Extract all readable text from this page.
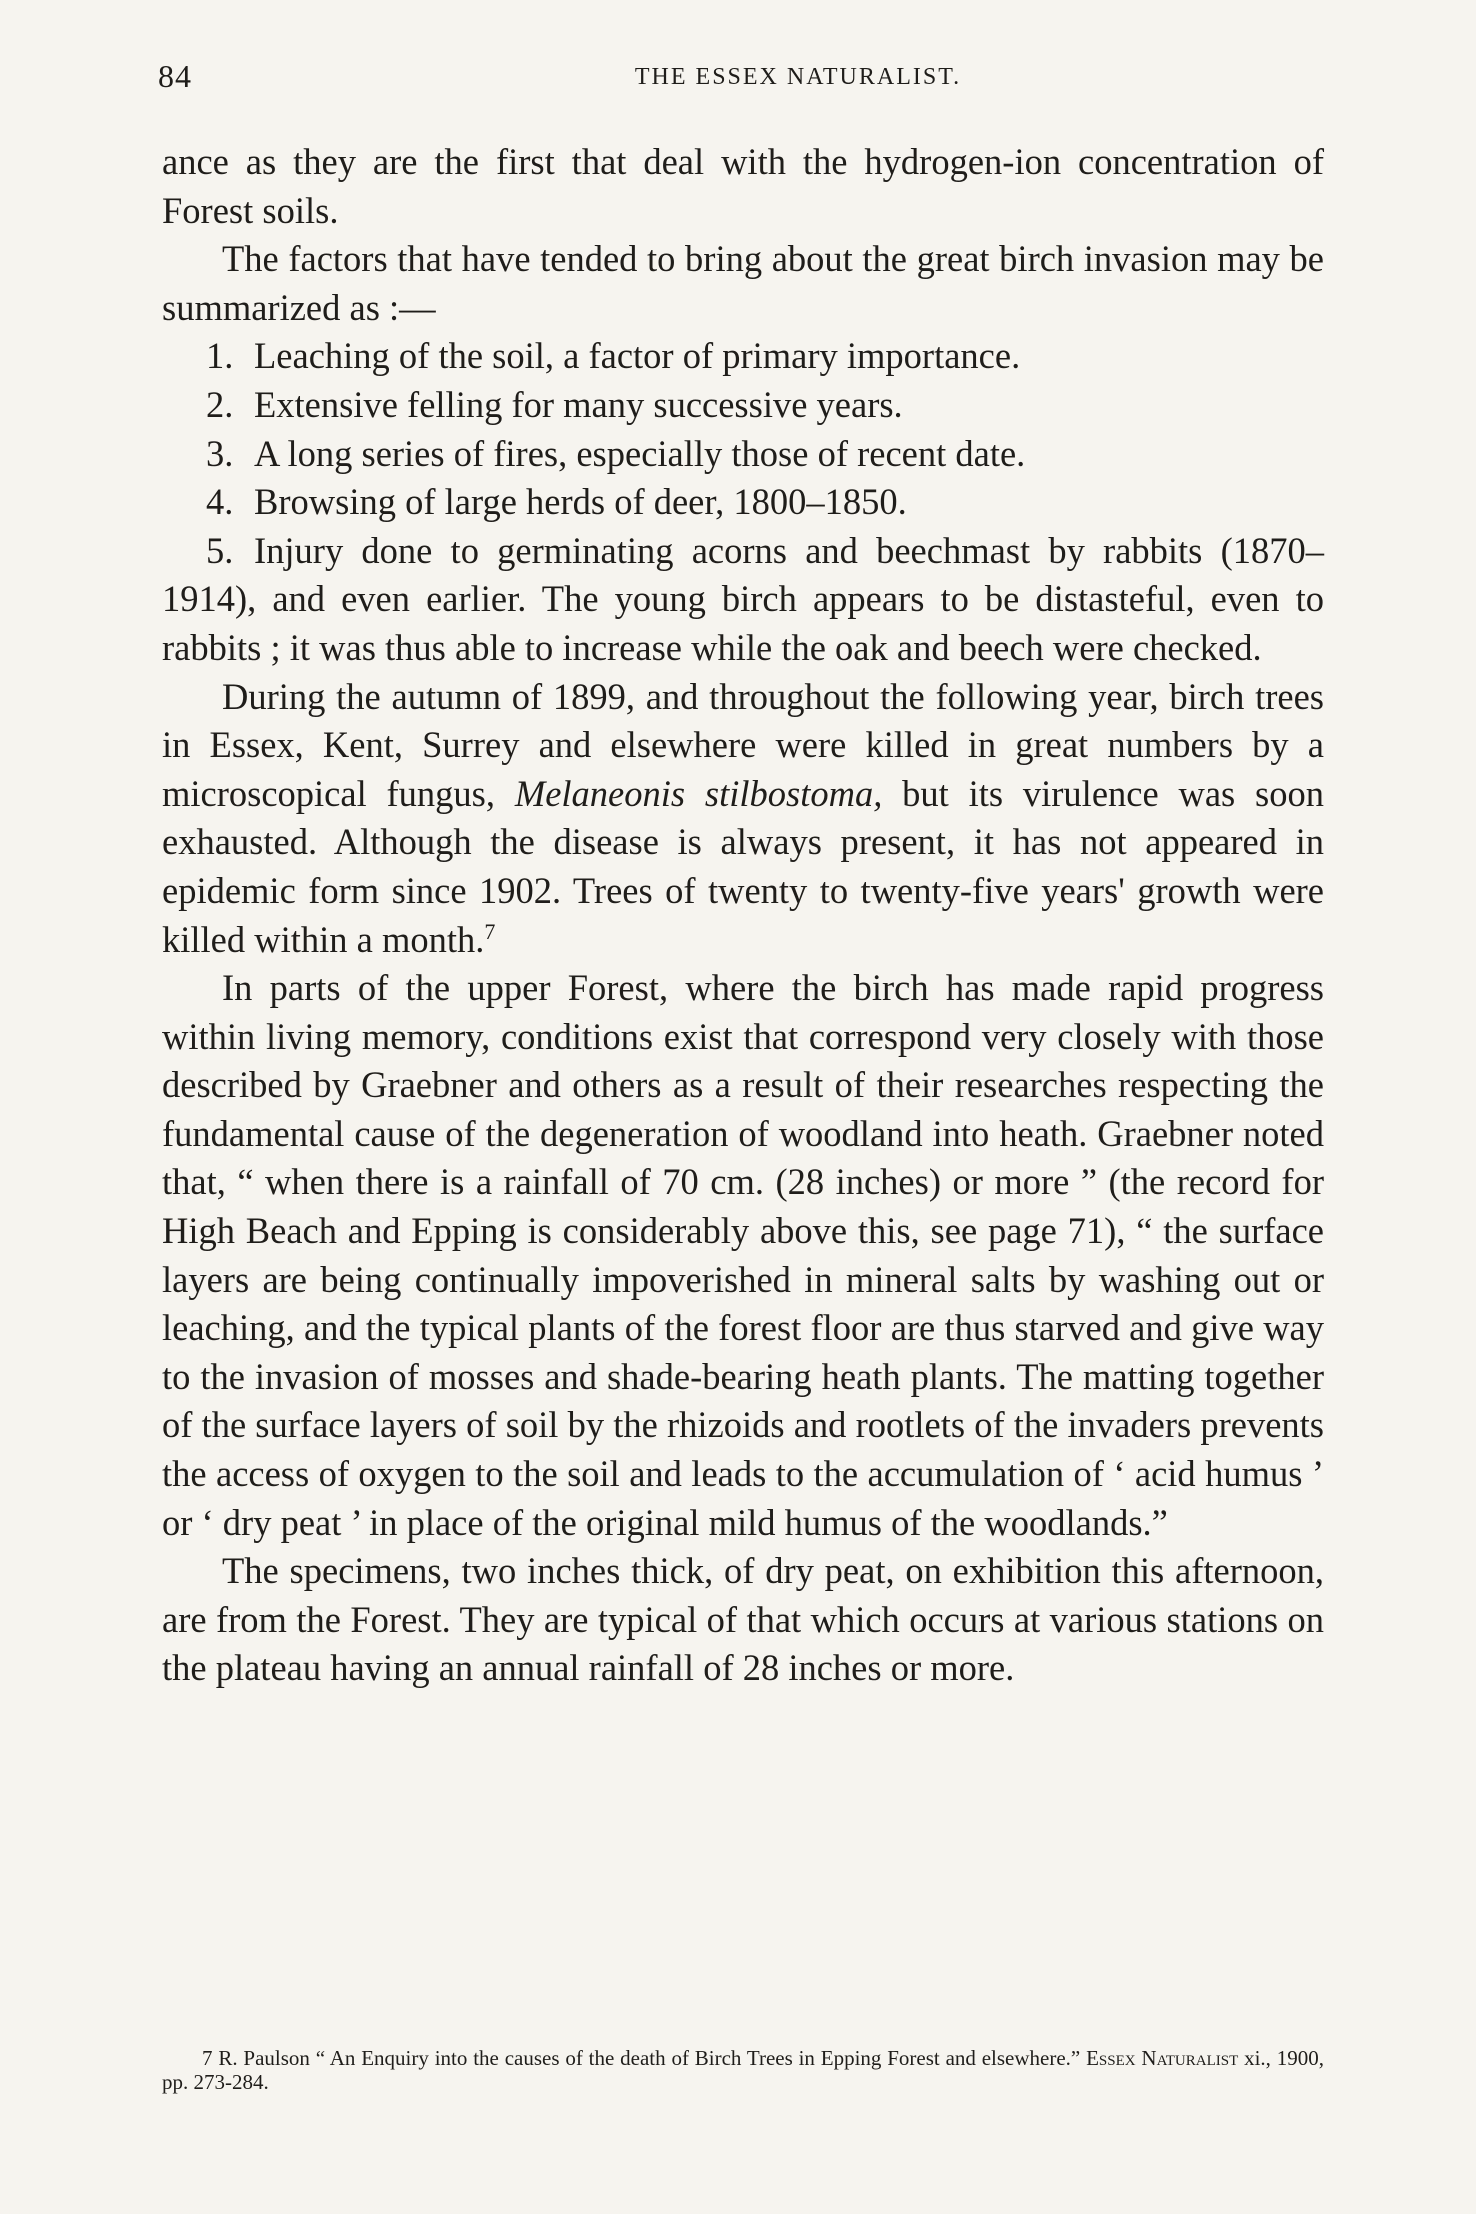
84	THE ESSEX NATURALIST.

ance as they are the first that deal with the hydrogen-ion concentration of Forest soils.

The factors that have tended to bring about the great birch invasion may be summarized as :—

1. Leaching of the soil, a factor of primary importance.

2. Extensive felling for many successive years.

3. A long series of fires, especially those of recent date.

4. Browsing of large herds of deer, 1800–1850.

5. Injury done to germinating acorns and beechmast by rabbits (1870–1914), and even earlier. The young birch appears to be distasteful, even to rabbits ; it was thus able to increase while the oak and beech were checked.

During the autumn of 1899, and throughout the following year, birch trees in Essex, Kent, Surrey and elsewhere were killed in great numbers by a microscopical fungus, Melaneonis stilbostoma, but its virulence was soon exhausted. Although the disease is always present, it has not appeared in epidemic form since 1902. Trees of twenty to twenty-five years' growth were killed within a month.$^7$

In parts of the upper Forest, where the birch has made rapid progress within living memory, conditions exist that correspond very closely with those described by Graebner and others as a result of their researches respecting the fundamental cause of the degeneration of woodland into heath. Graebner noted that, “ when there is a rainfall of 70 cm. (28 inches) or more ” (the record for High Beach and Epping is considerably above this, see page 71), “ the surface layers are being continually impoverished in mineral salts by washing out or leaching, and the typical plants of the forest floor are thus starved and give way to the invasion of mosses and shade-bearing heath plants. The matting together of the surface layers of soil by the rhizoids and rootlets of the invaders prevents the access of oxygen to the soil and leads to the accumulation of ‘ acid humus ’ or ‘ dry peat ’ in place of the original mild humus of the woodlands.”

The specimens, two inches thick, of dry peat, on exhibition this afternoon, are from the Forest. They are typical of that which occurs at various stations on the plateau having an annual rainfall of 28 inches or more.

7 R. Paulson “ An Enquiry into the causes of the death of Birch Trees in Epping Forest and elsewhere.” Essex Naturalist xi., 1900, pp. 273-284.
